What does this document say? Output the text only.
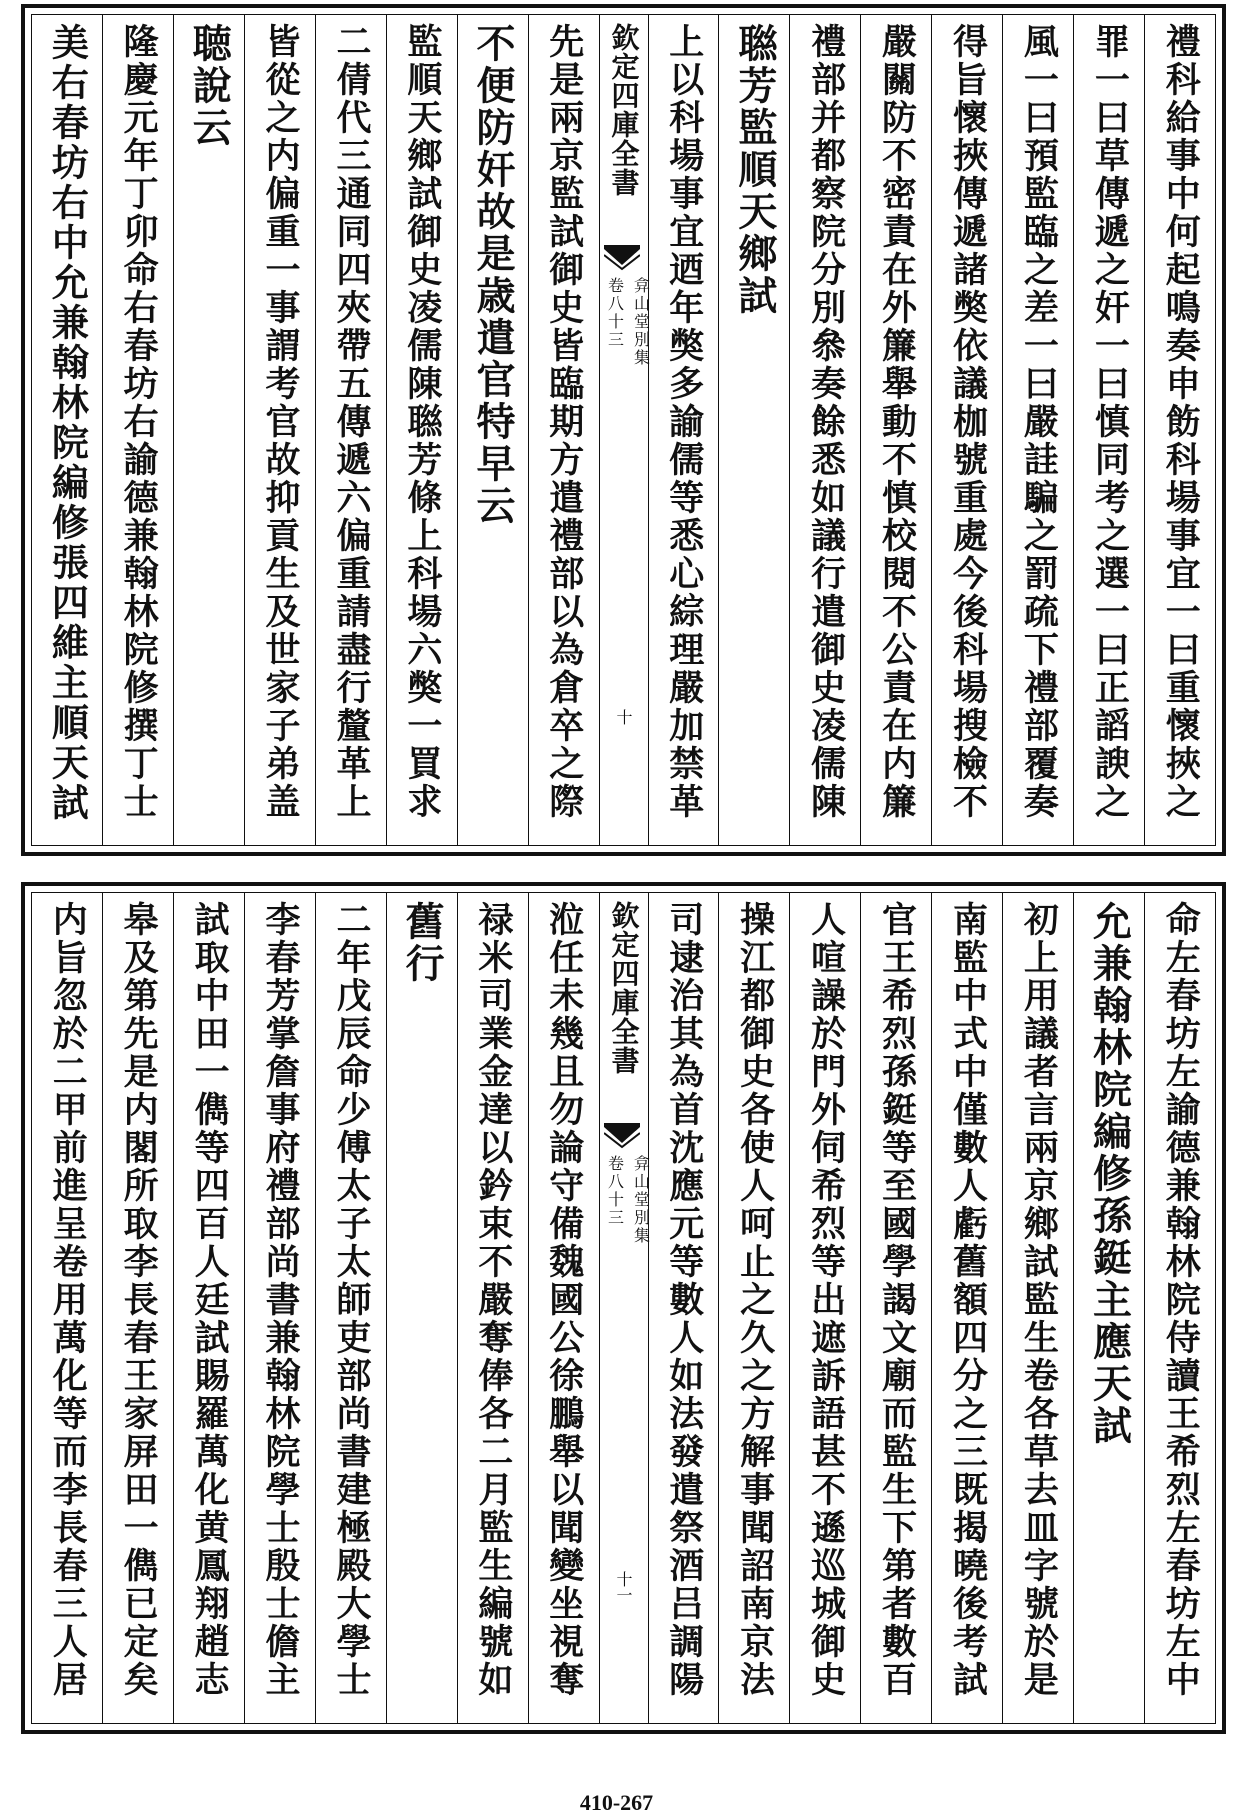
禮科給事中何起鳴奏申飭科場事宜一曰重懷挾之
罪一曰草傳遞之奸一曰慎同考之選一曰正謟諛之
風一曰預監臨之差一曰嚴詿騙之罰疏下禮部覆奏
得旨懷挾傳遞諸獘依議枷號重處今後科場搜檢不
嚴關防不密責在外簾舉動不慎校閱不公責在内簾
禮部并都察院分別叅奏餘悉如議行遣御史凌儒陳
聮芳監順天鄉試
上以科場事宜迺年獘多諭儒等悉心綜理嚴加禁革
欽定四庫全書
弇山堂別集
卷八十三
十
先是兩京監試御史皆臨期方遣禮部以為倉卒之際
不便防奸故是歳遣官特早云
監順天鄉試御史凌儒陳聮芳條上科場六獘一買求
二倩代三通同四夾帶五傳遞六偏重請盡行釐革上
皆從之内偏重一事謂考官故抑貢生及世家子弟盖
聴說云
隆慶元年丁卯命右春坊右諭德兼翰林院修撰丁士
美右春坊右中允兼翰林院編修張四維主順天試
命左春坊左諭德兼翰林院侍讀王希烈左春坊左中
允兼翰林院編修孫鋌主應天試
初上用議者言兩京鄉試監生卷各草去皿字號於是
南監中式中僅數人虧舊額四分之三既揭曉後考試
官王希烈孫鋌等至國學謁文廟而監生下第者數百
人喧譟於門外伺希烈等出遮訴語甚不遜巡城御史
操江都御史各使人呵止之久之方解事聞詔南京法
司逮治其為首沈應元等數人如法發遣祭酒吕調陽
欽定四庫全書
弇山堂別集
卷八十三
十一
涖任未幾且勿論守備魏國公徐鵬舉以聞變坐視奪
禄米司業金達以鈐束不嚴奪俸各二月監生編號如
舊行
二年戊辰命少傅太子太師吏部尚書建極殿大學士
李春芳掌詹事府禮部尚書兼翰林院學士殷士儋主
試取中田一儁等四百人廷試賜羅萬化黄鳳翔趙志
皋及第先是内閣所取李長春王家屏田一儁已定矣
内旨忽於二甲前進呈卷用萬化等而李長春三人居
410-267
